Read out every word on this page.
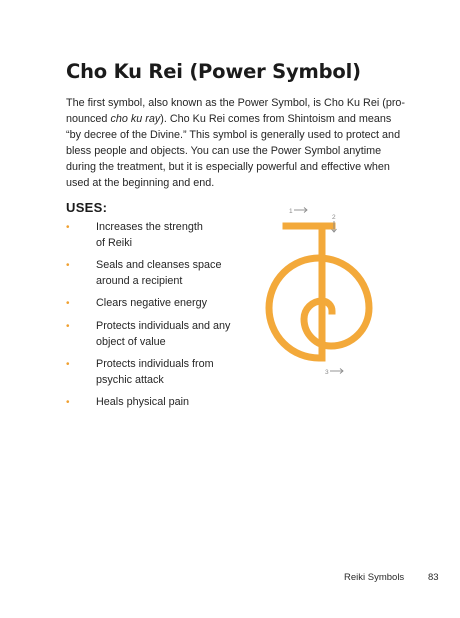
Cho Ku Rei (Power Symbol)

The first symbol, also known as the Power Symbol, is Cho Ku Rei (pro-
nounced cho ku ray). Cho Ku Rei comes from Shintoism and means
“by decree of the Divine.” This symbol is generally used to protect and
bless people and objects. You can use the Power Symbol anytime
during the treatment, but it is especially powerful and effective when
used at the beginning and end.

USES:
• Increases the strength
of Reiki
• Seals and cleanses space
around a recipient
• Clears negative energy
• Protects individuals and any
object of value
• Protects individuals from
psychic attack
• Heals physical pain
1
2
3
Reiki Symbols	83
